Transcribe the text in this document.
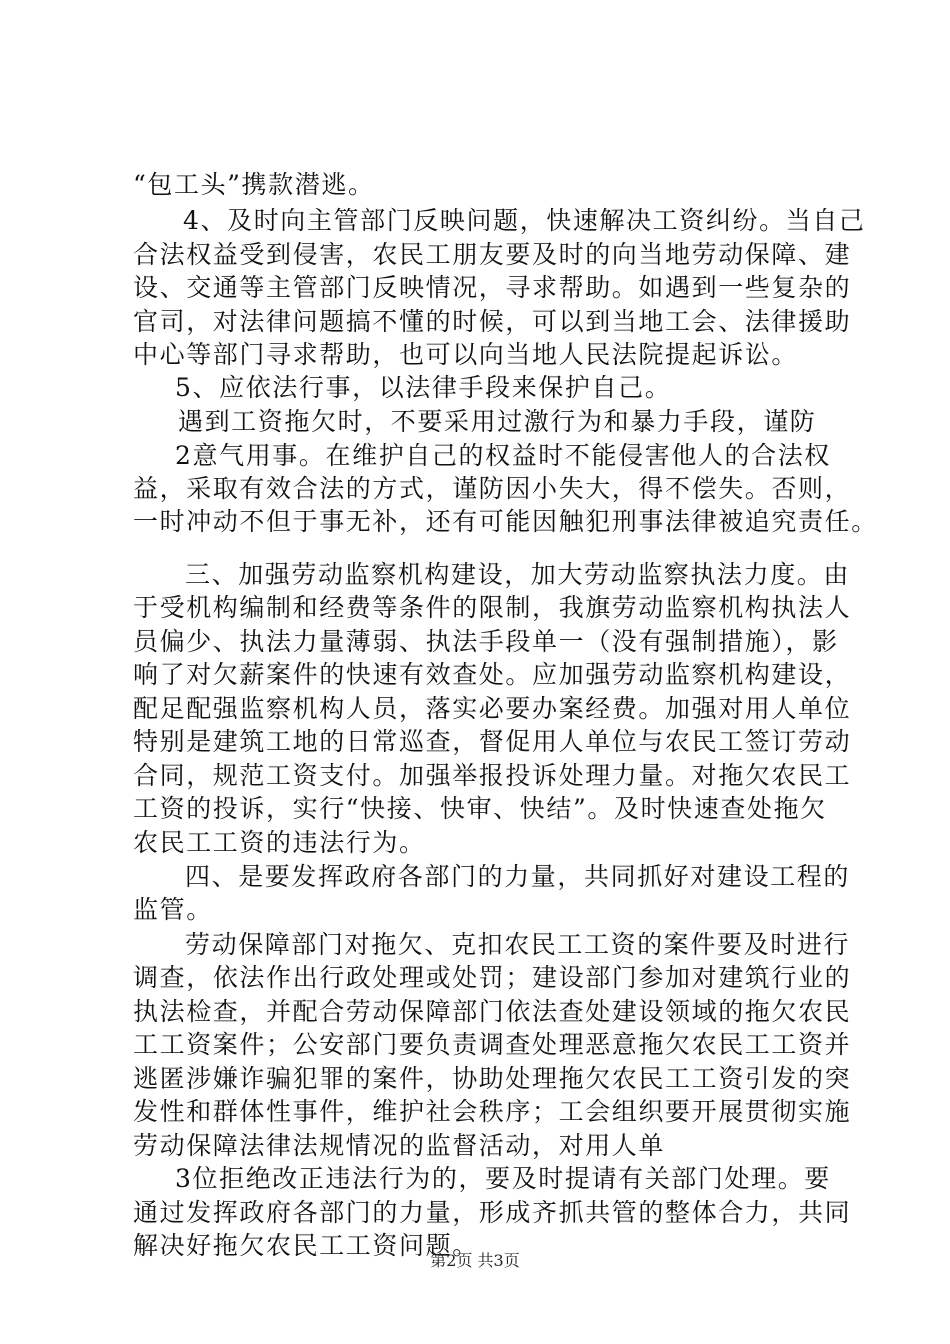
“包工头”携款潜逃。
4、及时向主管部门反映问题，快速解决工资纠纷。当自己
合法权益受到侵害，农民工朋友要及时的向当地劳动保障、建
设、交通等主管部门反映情况，寻求帮助。如遇到一些复杂的
官司，对法律问题搞不懂的时候，可以到当地工会、法律援助
中心等部门寻求帮助，也可以向当地人民法院提起诉讼。
5、应依法行事，以法律手段来保护自己。
遇到工资拖欠时，不要采用过激行为和暴力手段，谨防
2意气用事。在维护自己的权益时不能侵害他人的合法权
益，采取有效合法的方式，谨防因小失大，得不偿失。否则，
一时冲动不但于事无补，还有可能因触犯刑事法律被追究责任。
三、加强劳动监察机构建设，加大劳动监察执法力度。由
于受机构编制和经费等条件的限制，我旗劳动监察机构执法人
员偏少、执法力量薄弱、执法手段单一（没有强制措施），影
响了对欠薪案件的快速有效查处。应加强劳动监察机构建设，
配足配强监察机构人员，落实必要办案经费。加强对用人单位
特别是建筑工地的日常巡查，督促用人单位与农民工签订劳动
合同，规范工资支付。加强举报投诉处理力量。对拖欠农民工
工资的投诉，实行“快接、快审、快结”。及时快速查处拖欠
农民工工资的违法行为。
四、是要发挥政府各部门的力量，共同抓好对建设工程的
监管。
劳动保障部门对拖欠、克扣农民工工资的案件要及时进行
调查，依法作出行政处理或处罚；建设部门参加对建筑行业的
执法检查，并配合劳动保障部门依法查处建设领域的拖欠农民
工工资案件；公安部门要负责调查处理恶意拖欠农民工工资并
逃匿涉嫌诈骗犯罪的案件，协助处理拖欠农民工工资引发的突
发性和群体性事件，维护社会秩序；工会组织要开展贯彻实施
劳动保障法律法规情况的监督活动，对用人单
3位拒绝改正违法行为的，要及时提请有关部门处理。要
通过发挥政府各部门的力量，形成齐抓共管的整体合力，共同
解决好拖欠农民工工资问题。
第2页 共3页
